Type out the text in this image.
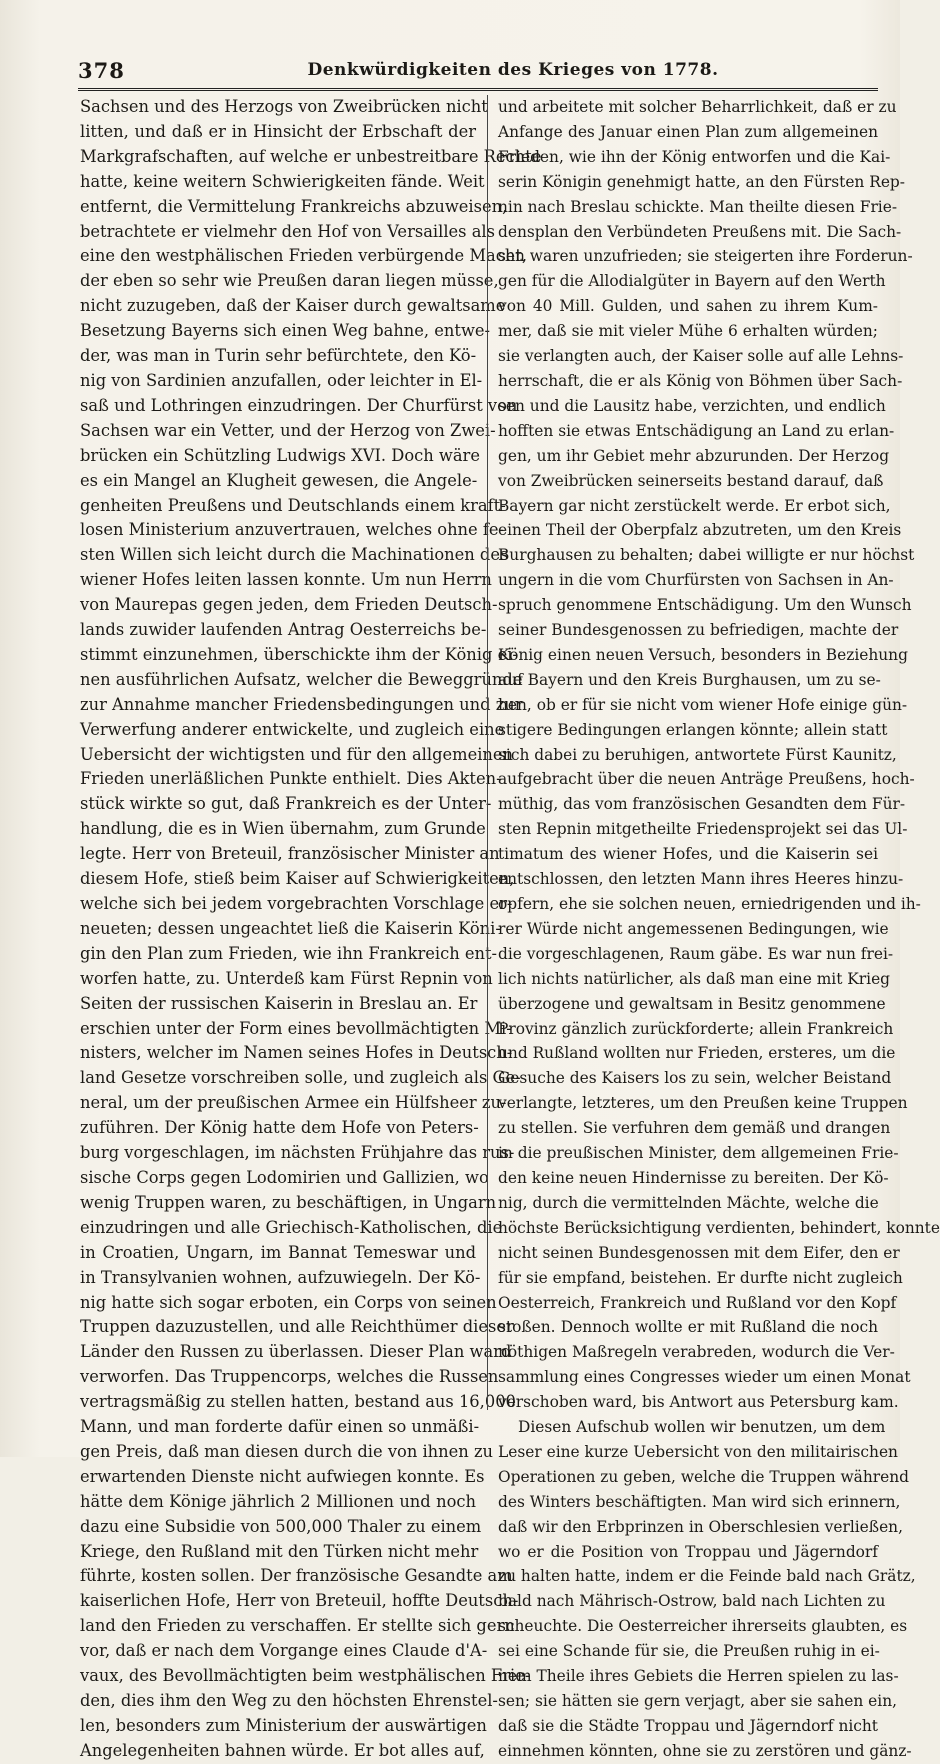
378	Denkwürdigkeiten des Krieges von 1778.
Sachsen und des Herzogs von Zweibrücken nicht
litten, und daß er in Hinsicht der Erbschaft der
Markgrafschaften, auf welche er unbestreitbare Rechte
hatte, keine weitern Schwierigkeiten fände. Weit
entfernt, die Vermittelung Frankreichs abzuweisen,
betrachtete er vielmehr den Hof von Versailles als
eine den westphälischen Frieden verbürgende Macht,
der eben so sehr wie Preußen daran liegen müsse,
nicht zuzugeben, daß der Kaiser durch gewaltsame
Besetzung Bayerns sich einen Weg bahne, entwe-
der, was man in Turin sehr befürchtete, den Kö-
nig von Sardinien anzufallen, oder leichter in El-
saß und Lothringen einzudringen. Der Churfürst von
Sachsen war ein Vetter, und der Herzog von Zwei-
brücken ein Schützling Ludwigs XVI. Doch wäre
es ein Mangel an Klugheit gewesen, die Angele-
genheiten Preußens und Deutschlands einem kraft-
losen Ministerium anzuvertrauen, welches ohne fe-
sten Willen sich leicht durch die Machinationen des
wiener Hofes leiten lassen konnte. Um nun Herrn
von Maurepas gegen jeden, dem Frieden Deutsch-
lands zuwider laufenden Antrag Oesterreichs be-
stimmt einzunehmen, überschickte ihm der König ei-
nen ausführlichen Aufsatz, welcher die Beweggründe
zur Annahme mancher Friedensbedingungen und zur
Verwerfung anderer entwickelte, und zugleich eine
Uebersicht der wichtigsten und für den allgemeinen
Frieden unerläßlichen Punkte enthielt. Dies Akten-
stück wirkte so gut, daß Frankreich es der Unter-
handlung, die es in Wien übernahm, zum Grunde
legte. Herr von Breteuil, französischer Minister an
diesem Hofe, stieß beim Kaiser auf Schwierigkeiten,
welche sich bei jedem vorgebrachten Vorschlage er-
neueten; dessen ungeachtet ließ die Kaiserin Köni-
gin den Plan zum Frieden, wie ihn Frankreich ent-
worfen hatte, zu. Unterdeß kam Fürst Repnin von
Seiten der russischen Kaiserin in Breslau an. Er
erschien unter der Form eines bevollmächtigten Mi-
nisters, welcher im Namen seines Hofes in Deutsch-
land Gesetze vorschreiben solle, und zugleich als Ge-
neral, um der preußischen Armee ein Hülfsheer zu-
zuführen. Der König hatte dem Hofe von Peters-
burg vorgeschlagen, im nächsten Frühjahre das rus-
sische Corps gegen Lodomirien und Gallizien, wo
wenig Truppen waren, zu beschäftigen, in Ungarn
einzudringen und alle Griechisch-Katholischen, die
in Croatien, Ungarn, im Bannat Temeswar und
in Transylvanien wohnen, aufzuwiegeln. Der Kö-
nig hatte sich sogar erboten, ein Corps von seinen
Truppen dazuzustellen, und alle Reichthümer dieser
Länder den Russen zu überlassen. Dieser Plan ward
verworfen. Das Truppencorps, welches die Russen
vertragsmäßig zu stellen hatten, bestand aus 16,000
Mann, und man forderte dafür einen so unmäßi-
gen Preis, daß man diesen durch die von ihnen zu
erwartenden Dienste nicht aufwiegen konnte. Es
hätte dem Könige jährlich 2 Millionen und noch
dazu eine Subsidie von 500,000 Thaler zu einem
Kriege, den Rußland mit den Türken nicht mehr
führte, kosten sollen. Der französische Gesandte am
kaiserlichen Hofe, Herr von Breteuil, hoffte Deutsch-
land den Frieden zu verschaffen. Er stellte sich gern
vor, daß er nach dem Vorgange eines Claude d'A-
vaux, des Bevollmächtigten beim westphälischen Frie-
den, dies ihm den Weg zu den höchsten Ehrenstel-
len, besonders zum Ministerium der auswärtigen
Angelegenheiten bahnen würde. Er bot alles auf,
und arbeitete mit solcher Beharrlichkeit, daß er zu
Anfange des Januar einen Plan zum allgemeinen
Frieden, wie ihn der König entworfen und die Kai-
serin Königin genehmigt hatte, an den Fürsten Rep-
nin nach Breslau schickte. Man theilte diesen Frie-
densplan den Verbündeten Preußens mit. Die Sach-
sen waren unzufrieden; sie steigerten ihre Forderun-
gen für die Allodialgüter in Bayern auf den Werth
von 40 Mill. Gulden, und sahen zu ihrem Kum-
mer, daß sie mit vieler Mühe 6 erhalten würden;
sie verlangten auch, der Kaiser solle auf alle Lehns-
herrschaft, die er als König von Böhmen über Sach-
sen und die Lausitz habe, verzichten, und endlich
hofften sie etwas Entschädigung an Land zu erlan-
gen, um ihr Gebiet mehr abzurunden. Der Herzog
von Zweibrücken seinerseits bestand darauf, daß
Bayern gar nicht zerstückelt werde. Er erbot sich,
einen Theil der Oberpfalz abzutreten, um den Kreis
Burghausen zu behalten; dabei willigte er nur höchst
ungern in die vom Churfürsten von Sachsen in An-
spruch genommene Entschädigung. Um den Wunsch
seiner Bundesgenossen zu befriedigen, machte der
König einen neuen Versuch, besonders in Beziehung
auf Bayern und den Kreis Burghausen, um zu se-
hen, ob er für sie nicht vom wiener Hofe einige gün-
stigere Bedingungen erlangen könnte; allein statt
sich dabei zu beruhigen, antwortete Fürst Kaunitz,
aufgebracht über die neuen Anträge Preußens, hoch-
müthig, das vom französischen Gesandten dem Für-
sten Repnin mitgetheilte Friedensprojekt sei das Ul-
timatum des wiener Hofes, und die Kaiserin sei
entschlossen, den letzten Mann ihres Heeres hinzu-
opfern, ehe sie solchen neuen, erniedrigenden und ih-
rer Würde nicht angemessenen Bedingungen, wie
die vorgeschlagenen, Raum gäbe. Es war nun frei-
lich nichts natürlicher, als daß man eine mit Krieg
überzogene und gewaltsam in Besitz genommene
Provinz gänzlich zurückforderte; allein Frankreich
und Rußland wollten nur Frieden, ersteres, um die
Gesuche des Kaisers los zu sein, welcher Beistand
verlangte, letzteres, um den Preußen keine Truppen
zu stellen. Sie verfuhren dem gemäß und drangen
in die preußischen Minister, dem allgemeinen Frie-
den keine neuen Hindernisse zu bereiten. Der Kö-
nig, durch die vermittelnden Mächte, welche die
höchste Berücksichtigung verdienten, behindert, konnte
nicht seinen Bundesgenossen mit dem Eifer, den er
für sie empfand, beistehen. Er durfte nicht zugleich
Oesterreich, Frankreich und Rußland vor den Kopf
stoßen. Dennoch wollte er mit Rußland die noch
nöthigen Maßregeln verabreden, wodurch die Ver-
sammlung eines Congresses wieder um einen Monat
verschoben ward, bis Antwort aus Petersburg kam.
Diesen Aufschub wollen wir benutzen, um dem
Leser eine kurze Uebersicht von den militairischen
Operationen zu geben, welche die Truppen während
des Winters beschäftigten. Man wird sich erinnern,
daß wir den Erbprinzen in Oberschlesien verließen,
wo er die Position von Troppau und Jägerndorf
zu halten hatte, indem er die Feinde bald nach Grätz,
bald nach Mährisch-Ostrow, bald nach Lichten zu
scheuchte. Die Oesterreicher ihrerseits glaubten, es
sei eine Schande für sie, die Preußen ruhig in ei-
nem Theile ihres Gebiets die Herren spielen zu las-
sen; sie hätten sie gern verjagt, aber sie sahen ein,
daß sie die Städte Troppau und Jägerndorf nicht
einnehmen könnten, ohne sie zu zerstören und gänz-
